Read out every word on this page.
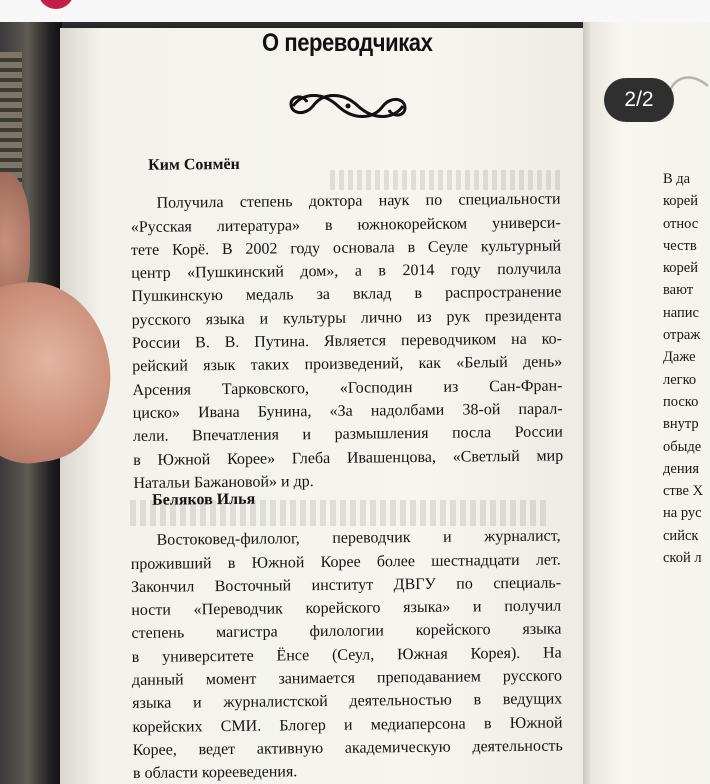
О переводчиках
Ким Сонмён
Получила степень доктора наук по специальности
«Русская литература» в южнокорейском универси-
тете Корё. В 2002 году основала в Сеуле культурный
центр «Пушкинский дом», а в 2014 году получила
Пушкинскую медаль за вклад в распространение
русского языка и культуры лично из рук президента
России В. В. Путина. Является переводчиком на ко-
рейский язык таких произведений, как «Белый день»
Арсения Тарковского, «Господин из Сан-Фран-
циско» Ивана Бунина, «За надолбами 38-ой парал-
лели. Впечатления и размышления посла России
в Южной Корее» Глеба Ивашенцова, «Светлый мир
Натальи Бажановой» и др.
Беляков Илья
Востоковед-филолог, переводчик и журналист,
проживший в Южной Корее более шестнадцати лет.
Закончил Восточный институт ДВГУ по специаль-
ности «Переводчик корейского языка» и получил
степень магистра филологии корейского языка
в университете Ёнсе (Сеул, Южная Корея). На
данный момент занимается преподаванием русского
языка и журналистской деятельностью в ведущих
корейских СМИ. Блогер и медиаперсона в Южной
Корее, ведет активную академическую деятельность
в области корееведения.
В да
корей
относ
честв
корей
вают
напис
отраж
Даже
легко
поско
внутр
обыде
дения
стве Х
на рус
сийск
ской л
2/2
